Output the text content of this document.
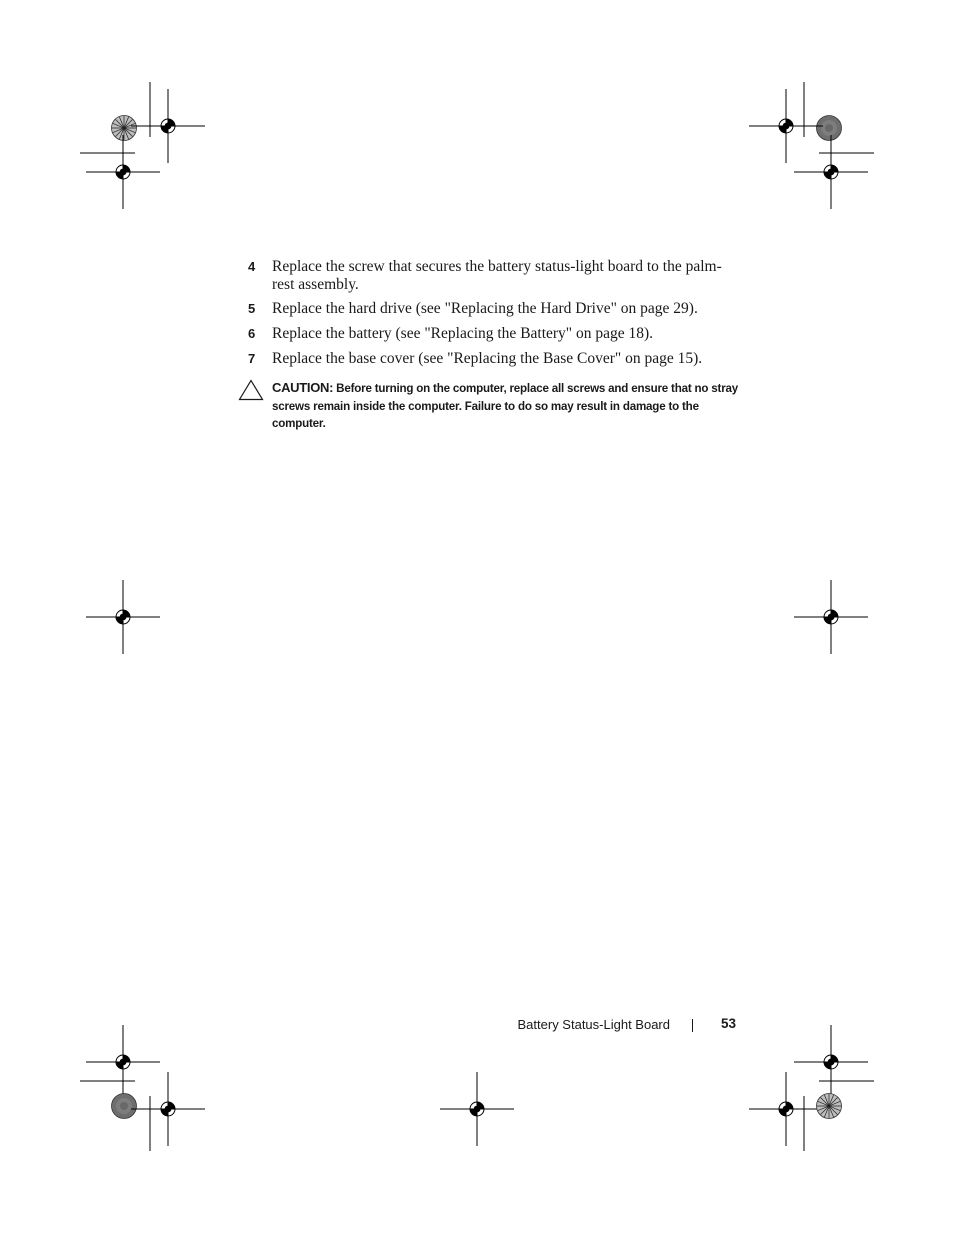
4 Replace the screw that secures the battery status-light board to the palm-rest assembly.
5 Replace the hard drive (see "Replacing the Hard Drive" on page 29).
6 Replace the battery (see "Replacing the Battery" on page 18).
7 Replace the base cover (see "Replacing the Base Cover" on page 15).
CAUTION: Before turning on the computer, replace all screws and ensure that no stray screws remain inside the computer. Failure to do so may result in damage to the computer.
Battery Status-Light Board	53
